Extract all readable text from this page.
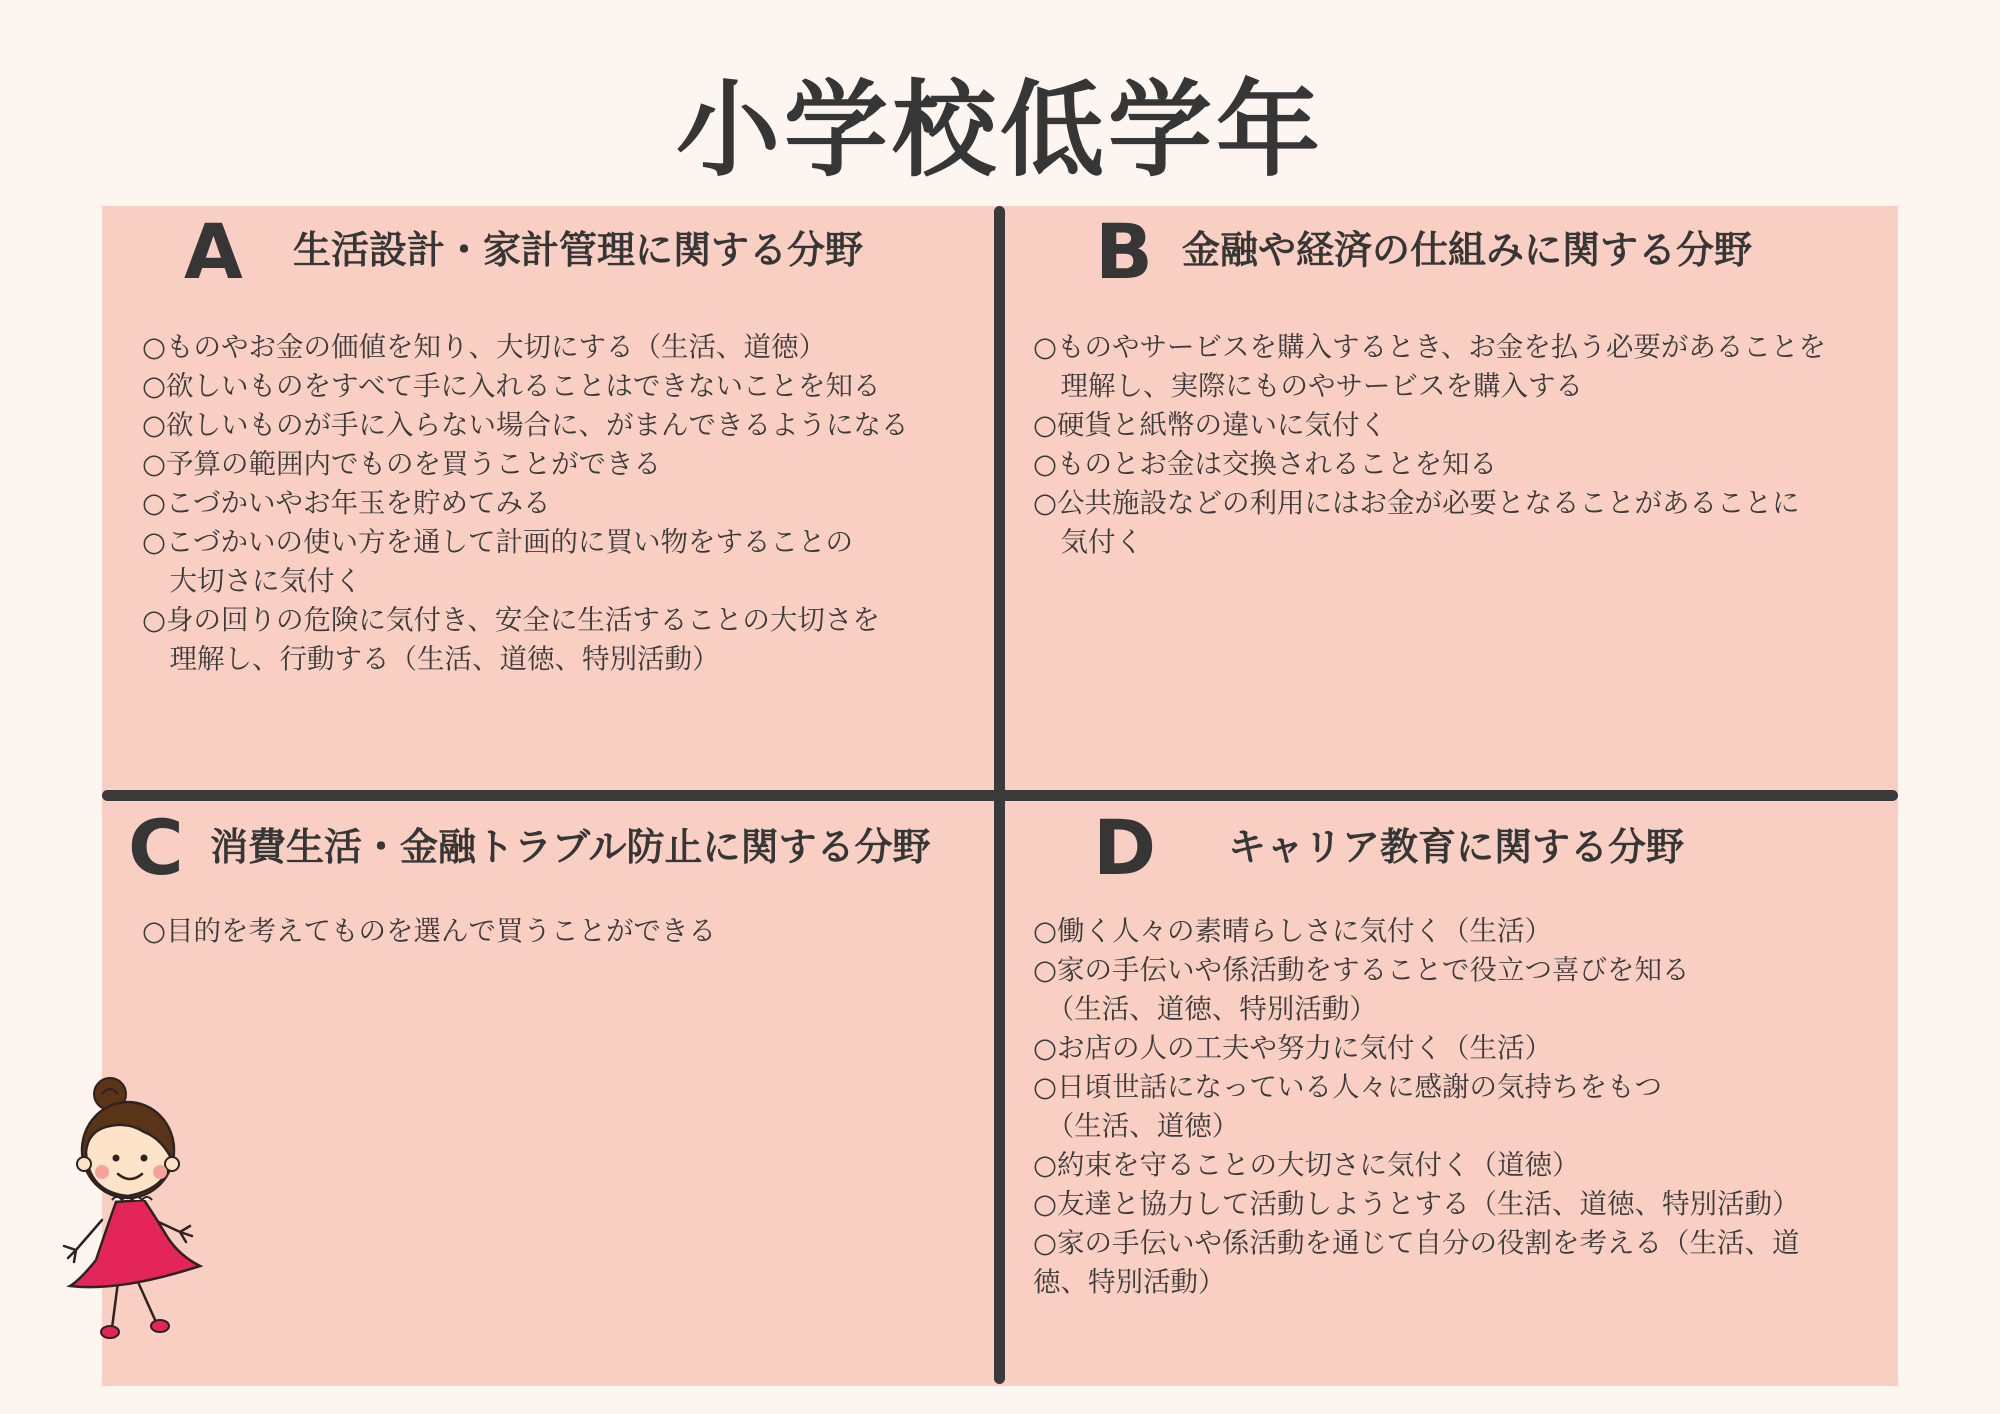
小学校低学年
A 生活設計・家計管理に関する分野

○ものやお金の価値を知り、大切にする（生活、道徳）

○欲しいものをすべて手に入れることはできないことを知る

○欲しいものが手に入らない場合に、がまんできるようになる

○予算の範囲内でものを買うことができる

○こづかいやお年玉を貯めてみる

○こづかいの使い方を通して計画的に買い物をすることの

　大切さに気付く

○身の回りの危険に気付き、安全に生活することの大切さを

　理解し、行動する（生活、道徳、特別活動）

B 金融や経済の仕組みに関する分野

○ものやサービスを購入するとき、お金を払う必要があることを

　理解し、実際にものやサービスを購入する

○硬貨と紙幣の違いに気付く

○ものとお金は交換されることを知る

○公共施設などの利用にはお金が必要となることがあることに

　気付く

C 消費生活・金融トラブル防止に関する分野

○目的を考えてものを選んで買うことができる

D キャリア教育に関する分野

○働く人々の素晴らしさに気付く（生活）

○家の手伝いや係活動をすることで役立つ喜びを知る

　（生活、道徳、特別活動）

○お店の人の工夫や努力に気付く（生活）

○日頃世話になっている人々に感謝の気持ちをもつ

　（生活、道徳）

○約束を守ることの大切さに気付く（道徳）

○友達と協力して活動しようとする（生活、道徳、特別活動）

○家の手伝いや係活動を通じて自分の役割を考える（生活、道

徳、特別活動）
